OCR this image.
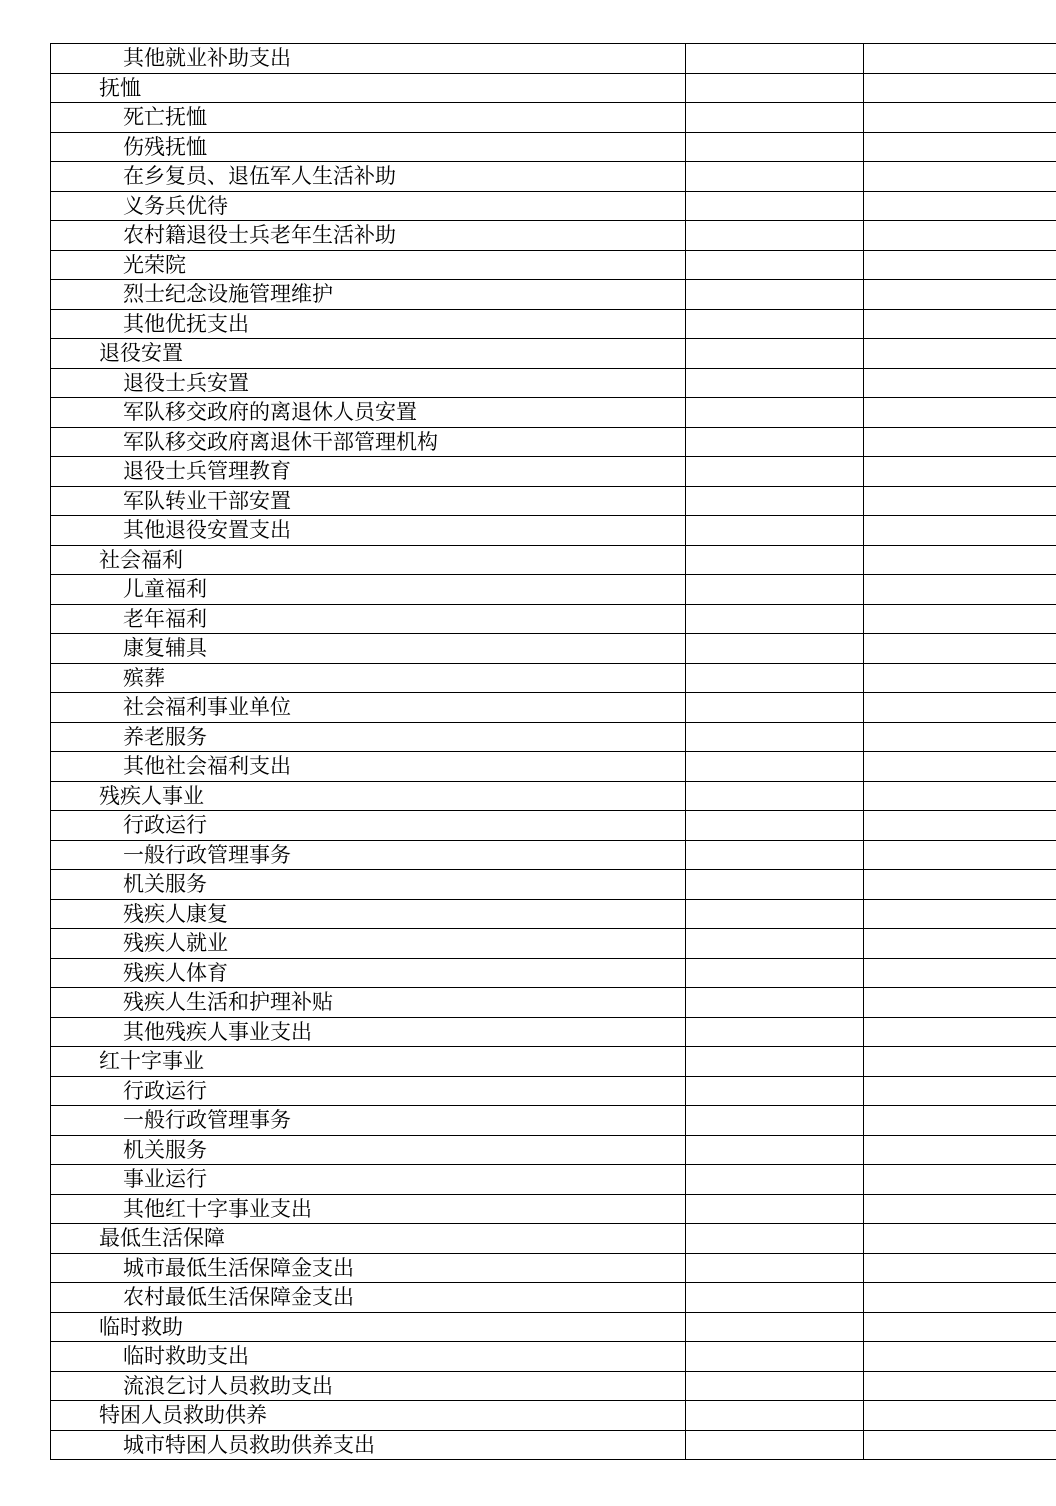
其他就业补助支出		
抚恤		
死亡抚恤		
伤残抚恤		
在乡复员、退伍军人生活补助		
义务兵优待		
农村籍退役士兵老年生活补助		
光荣院		
烈士纪念设施管理维护		
其他优抚支出		
退役安置		
退役士兵安置		
军队移交政府的离退休人员安置		
军队移交政府离退休干部管理机构		
退役士兵管理教育		
军队转业干部安置		
其他退役安置支出		
社会福利		
儿童福利		
老年福利		
康复辅具		
殡葬		
社会福利事业单位		
养老服务		
其他社会福利支出		
残疾人事业		
行政运行		
一般行政管理事务		
机关服务		
残疾人康复		
残疾人就业		
残疾人体育		
残疾人生活和护理补贴		
其他残疾人事业支出		
红十字事业		
行政运行		
一般行政管理事务		
机关服务		
事业运行		
其他红十字事业支出		
最低生活保障		
城市最低生活保障金支出		
农村最低生活保障金支出		
临时救助		
临时救助支出		
流浪乞讨人员救助支出		
特困人员救助供养		
城市特困人员救助供养支出		
